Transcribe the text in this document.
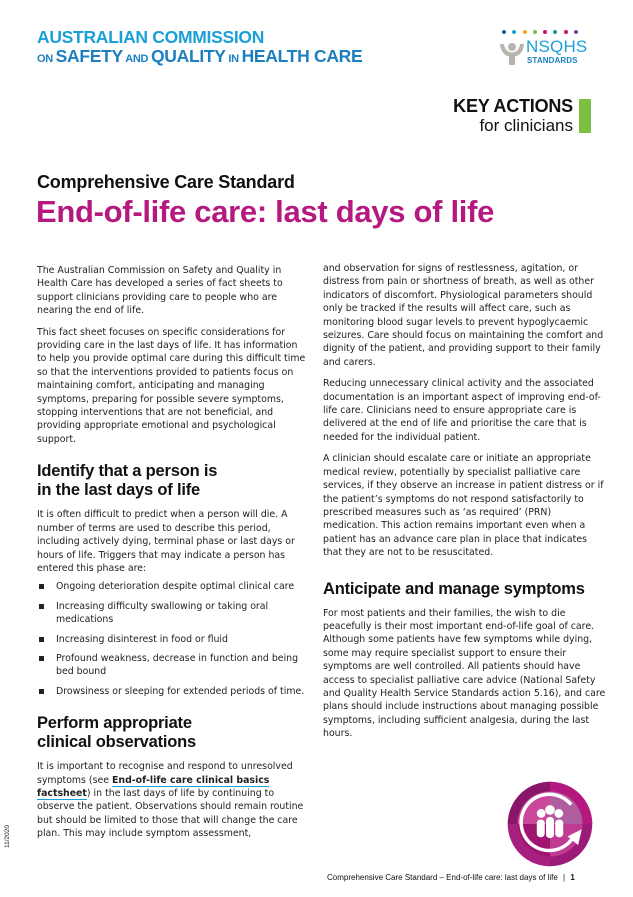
AUSTRALIAN COMMISSION
ON SAFETY AND QUALITY IN HEALTH CARE	NSQHS
STANDARDS
KEY ACTIONS
for clinicians
Comprehensive Care Standard
End-of-life care: last days of life

The Australian Commission on Safety and Quality in Health Care has developed a series of fact sheets to support clinicians providing care to people who are nearing the end of life.

This fact sheet focuses on specific considerations for providing care in the last days of life. It has information to help you provide optimal care during this difficult time so that the interventions provided to patients focus on maintaining comfort, anticipating and managing symptoms, preparing for possible severe symptoms, stopping interventions that are not beneficial, and providing appropriate emotional and psychological support.

Identify that a person is in the last days of life

It is often difficult to predict when a person will die. A number of terms are used to describe this period, including actively dying, terminal phase or last days or hours of life. Triggers that may indicate a person has entered this phase are:

Ongoing deterioration despite optimal clinical care
Increasing difficulty swallowing or taking oral medications
Increasing disinterest in food or fluid
Profound weakness, decrease in function and being bed bound
Drowsiness or sleeping for extended periods of time.
Perform appropriate clinical observations

It is important to recognise and respond to unresolved symptoms (see End-of-life care clinical basics factsheet) in the last days of life by continuing to observe the patient. Observations should remain routine but should be limited to those that will change the care plan. This may include symptom assessment,

and observation for signs of restlessness, agitation, or distress from pain or shortness of breath, as well as other indicators of discomfort. Physiological parameters should only be tracked if the results will affect care, such as monitoring blood sugar levels to prevent hypoglycaemic seizures. Care should focus on maintaining the comfort and dignity of the patient, and providing support to their family and carers.

Reducing unnecessary clinical activity and the associated documentation is an important aspect of improving end-of-life care. Clinicians need to ensure appropriate care is delivered at the end of life and prioritise the care that is needed for the individual patient.

A clinician should escalate care or initiate an appropriate medical review, potentially by specialist palliative care services, if they observe an increase in patient distress or if the patient’s symptoms do not respond satisfactorily to prescribed measures such as ‘as required’ (PRN) medication. This action remains important even when a patient has an advance care plan in place that indicates that they are not to be resuscitated.

Anticipate and manage symptoms

For most patients and their families, the wish to die peacefully is their most important end-of-life goal of care. Although some patients have few symptoms while dying, some may require specialist support to ensure their symptoms are well controlled. All patients should have access to specialist palliative care advice (National Safety and Quality Health Service Standards action 5.16), and care plans should include instructions about managing possible symptoms, including sufficient analgesia, during the last hours.

11/2020
Comprehensive Care Standard – End-of-life care: last days of life | 1
